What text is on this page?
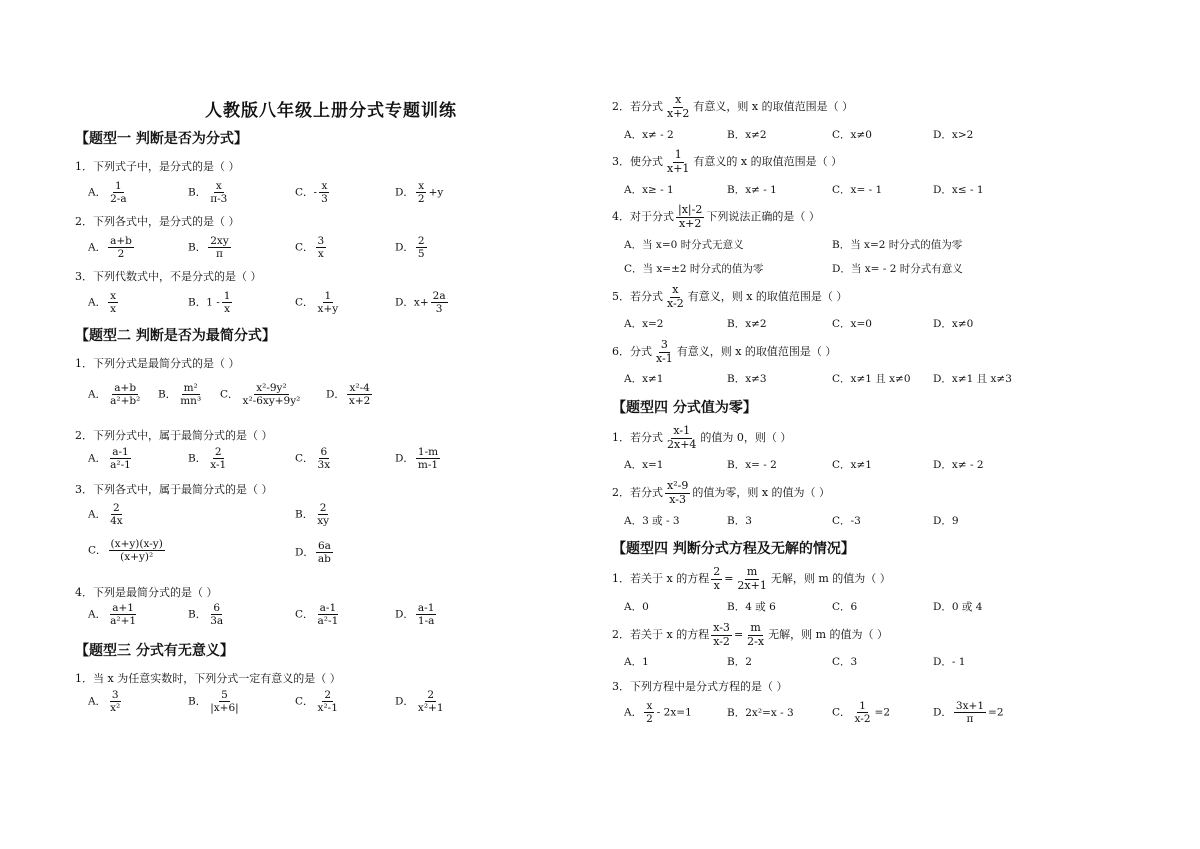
人教版八年级上册分式专题训练
【题型一 判断是否为分式】
1．下列式子中，是分式的是（ ）
A． $\frac{1}{2-a}$	B． $\frac{x}{\pi-3}$	C．- $\frac{x}{3}$	D． $\frac{x}{2} +y$
2．下列各式中，是分式的是（ ）
A． $\frac{a+b}{2}$	B． $\frac{2xy}{\pi}$	C． $\frac{3}{x}$	D． $\frac{2}{5}$
3．下列代数式中，不是分式的是（ ）
A． $\frac{x}{x}$	B．$1 - \frac{1}{x}$	C． $\frac{1}{x+y}$	D．$x+ \frac{2a}{3}$
【题型二 判断是否为最简分式】
1．下列分式是最简分式的是（ ）
A． $\frac{a+b}{\text{a²+b²}}$ B． $\frac{\text{m²}}{\text{mn³}}$ C． $\frac{\text{x²-9y²}}{\text{x²-6xy+9y²}}$ D． $\frac{\text{x²-4}}{x+2}$
2．下列分式中，属于最简分式的是（ ）
A． $\frac{a-1}{\text{a²-1}}$	B． $\frac{2}{x-1}$	C． $\frac{6}{3x}$	D． $\frac{1-m}{m-1}$
3．下列各式中，属于最简分式的是（ ）
A． $\frac{2}{4x}$	B． $\frac{2}{xy}$
C． $\frac{(x+y)(x-y)}{\text{(x+y)²}}$	D． $\frac{6a}{ab}$
4．下列是最简分式的是（ ）
A． $\frac{a+1}{\text{a²+1}}$	B． $\frac{6}{3a}$	C． $\frac{a-1}{\text{a²-1}}$	D． $\frac{a-1}{1-a}$
【题型三 分式有无意义】
1．当 x 为任意实数时，下列分式一定有意义的是（ ）
A． $\frac{3}{\text{x²}}$	B． $\frac{5}{|x+6|}$	C． $\frac{2}{\text{x²-1}}$	D． $\frac{2}{\text{x²+1}}$
2．若分式 $\frac{x}{x+2}$ 有意义，则 x 的取值范围是（ ）
A．x≠ - 2	B．x≠2	C．x≠0	D．x>2
3．使分式 $\frac{1}{x+1}$ 有意义的 x 的取值范围是（ ）
A．x≥ - 1	B．x≠ - 1	C．x= - 1	D．x≤ - 1
4．对于分式 $\frac{|x|-2}{x+2}$ 下列说法正确的是（ ）
A．当 x=0 时分式无意义	B．当 x=2 时分式的值为零
C．当 x=±2 时分式的值为零	D．当 x= - 2 时分式有意义
5．若分式 $\frac{x}{x-2}$ 有意义，则 x 的取值范围是（ ）
A．x=2	B．x≠2	C．x=0	D．x≠0
6．分式 $\frac{3}{x-1}$ 有意义，则 x 的取值范围是（ ）
A．x≠1	B．x≠3	C．x≠1 且 x≠0 D．x≠1 且 x≠3
【题型四 分式值为零】
1．若分式 $\frac{x-1}{2x+4}$ 的值为 0，则（ ）
A．x=1	B．x= - 2	C．x≠1	D．x≠ - 2
2．若分式 $\frac{\text{x²-9}}{x-3}$ 的值为零，则 x 的值为（ ）
A．3 或 - 3	B．3	C．-3	D．9
【题型四 判断分式方程及无解的情况】
1．若关于 x 的方程 $\frac{2}{x} = \frac{m}{2x+1}$ 无解，则 m 的值为（ ）
A．0	B．4 或 6	C．6	D．0 或 4
2．若关于 x 的方程 $\frac{x-3}{x-2} = \frac{m}{2-x}$ 无解，则 m 的值为（ ）
A．1	B．2	C．3	D．- 1
3．下列方程中是分式方程的是（ ）
A． $\frac{x}{2} - 2x=1$	B．2x²=x - 3	C． $\frac{1}{x-2} =2$	D． $\frac{3x+1}{\pi} =2$
